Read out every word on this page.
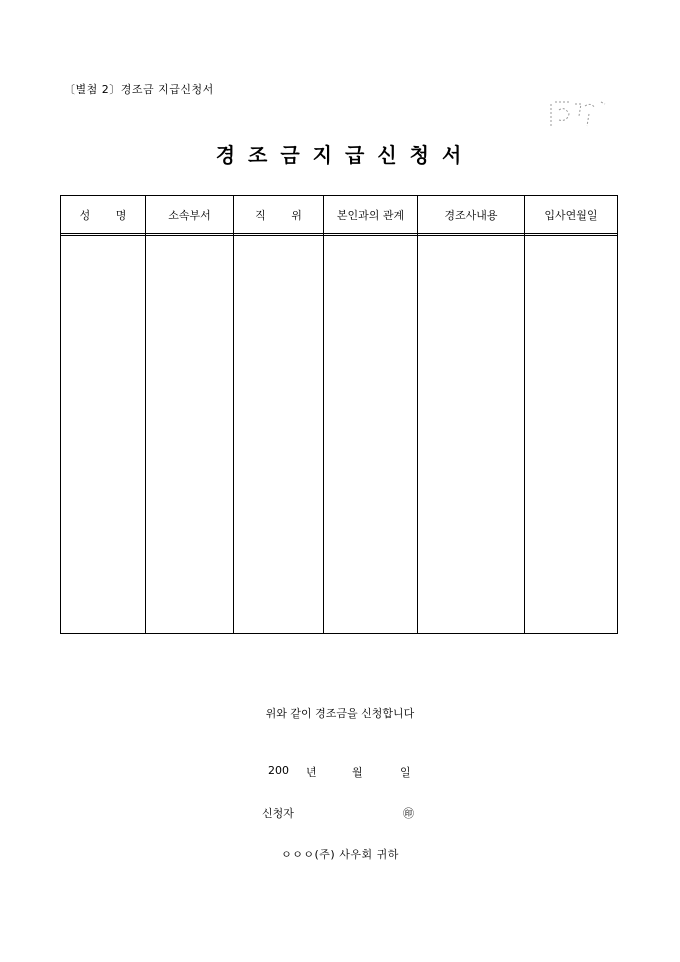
〔별첨 2〕경조금 지급신청서
경조금지급신청서
성 명	소속부서	직 위	본인과의 관계	경조사내용	입사연월일
위와 같이 경조금을 신청합니다
200 년	월	일
신청자	㊞
ㅇㅇㅇ(주) 사우회 귀하
